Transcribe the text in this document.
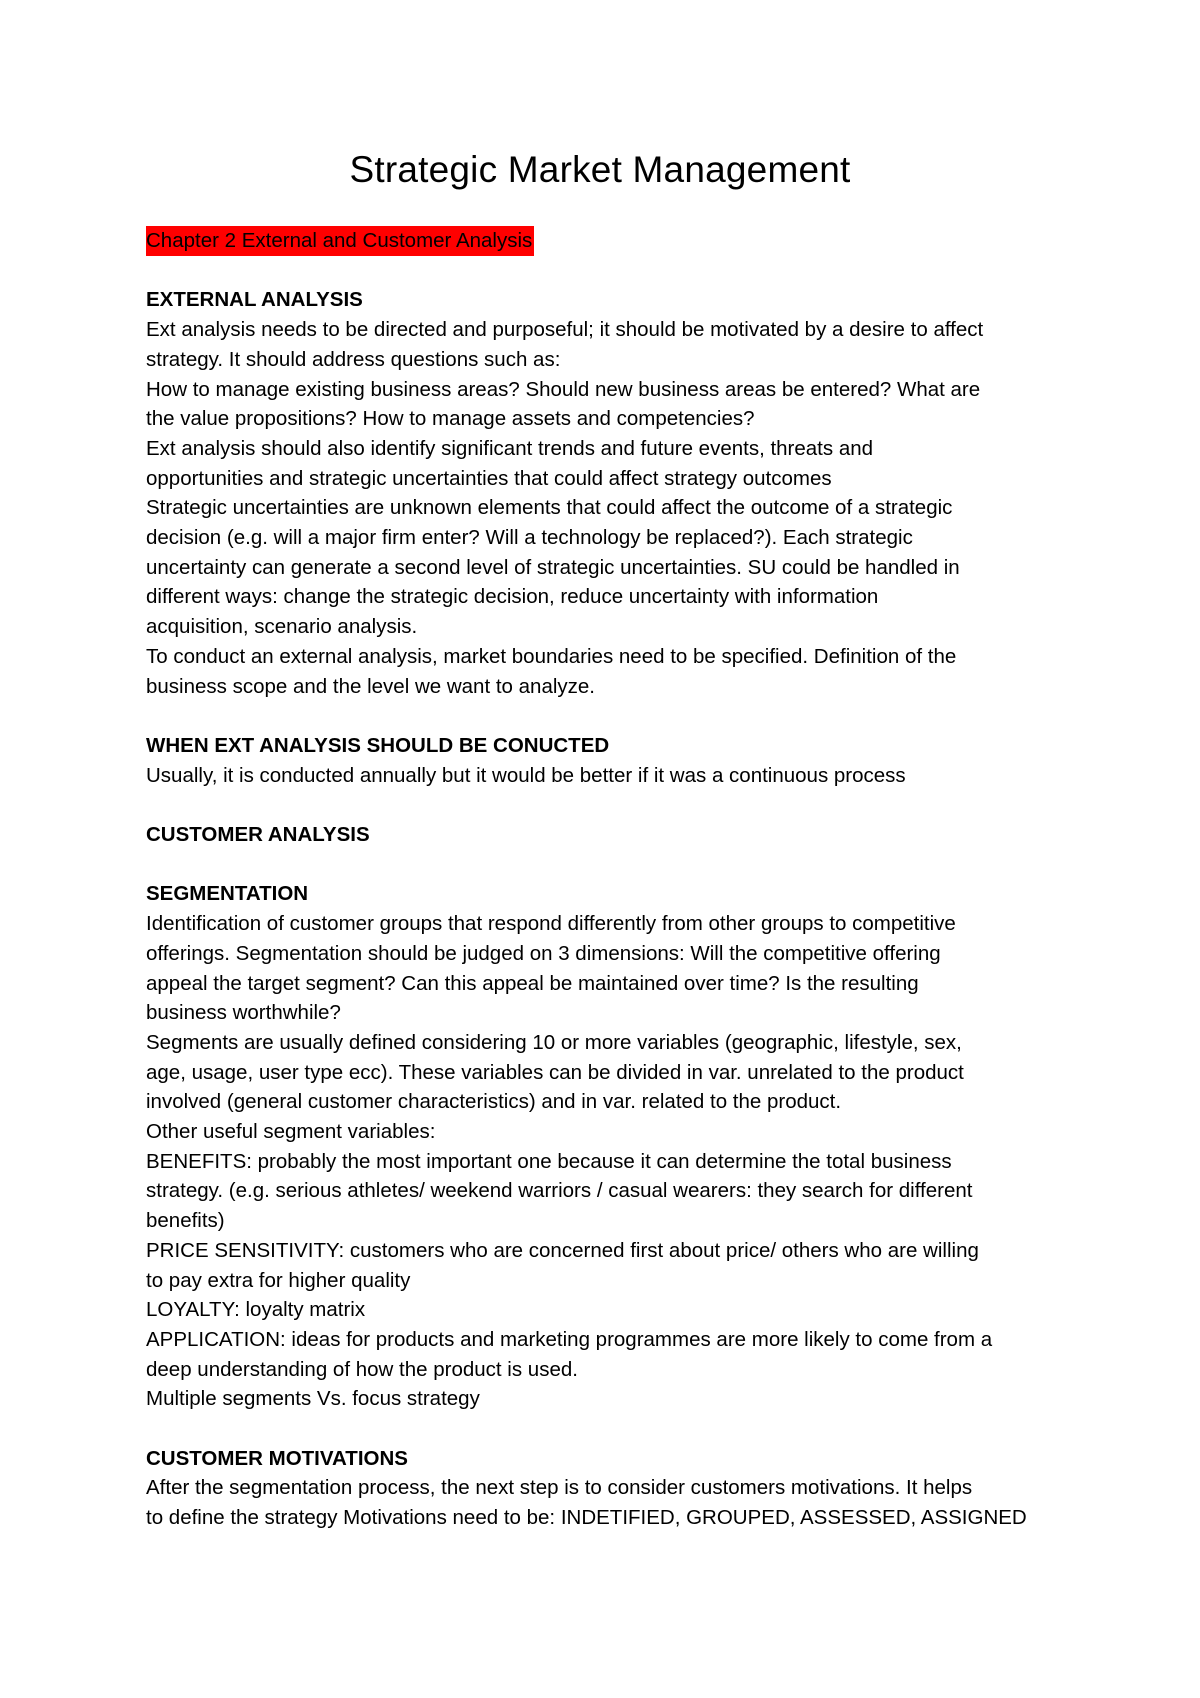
Strategic Market Management
Chapter 2 External and Customer Analysis
EXTERNAL ANALYSIS
Ext analysis needs to be directed and purposeful; it should be motivated by a desire to affect
strategy. It should address questions such as:
How to manage existing business areas? Should new business areas be entered? What are
the value propositions? How to manage assets and competencies?
Ext analysis should also identify significant trends and future events, threats and
opportunities and strategic uncertainties that could affect strategy outcomes
Strategic uncertainties are unknown elements that could affect the outcome of a strategic
decision (e.g. will a major firm enter? Will a technology be replaced?). Each strategic
uncertainty can generate a second level of strategic uncertainties. SU could be handled in
different ways: change the strategic decision, reduce uncertainty with information
acquisition, scenario analysis.
To conduct an external analysis, market boundaries need to be specified. Definition of the
business scope and the level we want to analyze.
WHEN EXT ANALYSIS SHOULD BE CONUCTED
Usually, it is conducted annually but it would be better if it was a continuous process
CUSTOMER ANALYSIS
SEGMENTATION
Identification of customer groups that respond differently from other groups to competitive
offerings. Segmentation should be judged on 3 dimensions: Will the competitive offering
appeal the target segment? Can this appeal be maintained over time? Is the resulting
business worthwhile?
Segments are usually defined considering 10 or more variables (geographic, lifestyle, sex,
age, usage, user type ecc). These variables can be divided in var. unrelated to the product
involved (general customer characteristics) and in var. related to the product.
Other useful segment variables:
BENEFITS: probably the most important one because it can determine the total business
strategy. (e.g. serious athletes/ weekend warriors / casual wearers: they search for different
benefits)
PRICE SENSITIVITY: customers who are concerned first about price/ others who are willing
to pay extra for higher quality
LOYALTY: loyalty matrix
APPLICATION: ideas for products and marketing programmes are more likely to come from a
deep understanding of how the product is used.
Multiple segments Vs. focus strategy
CUSTOMER MOTIVATIONS
After the segmentation process, the next step is to consider customers motivations. It helps
to define the strategy Motivations need to be: INDETIFIED, GROUPED, ASSESSED, ASSIGNED
